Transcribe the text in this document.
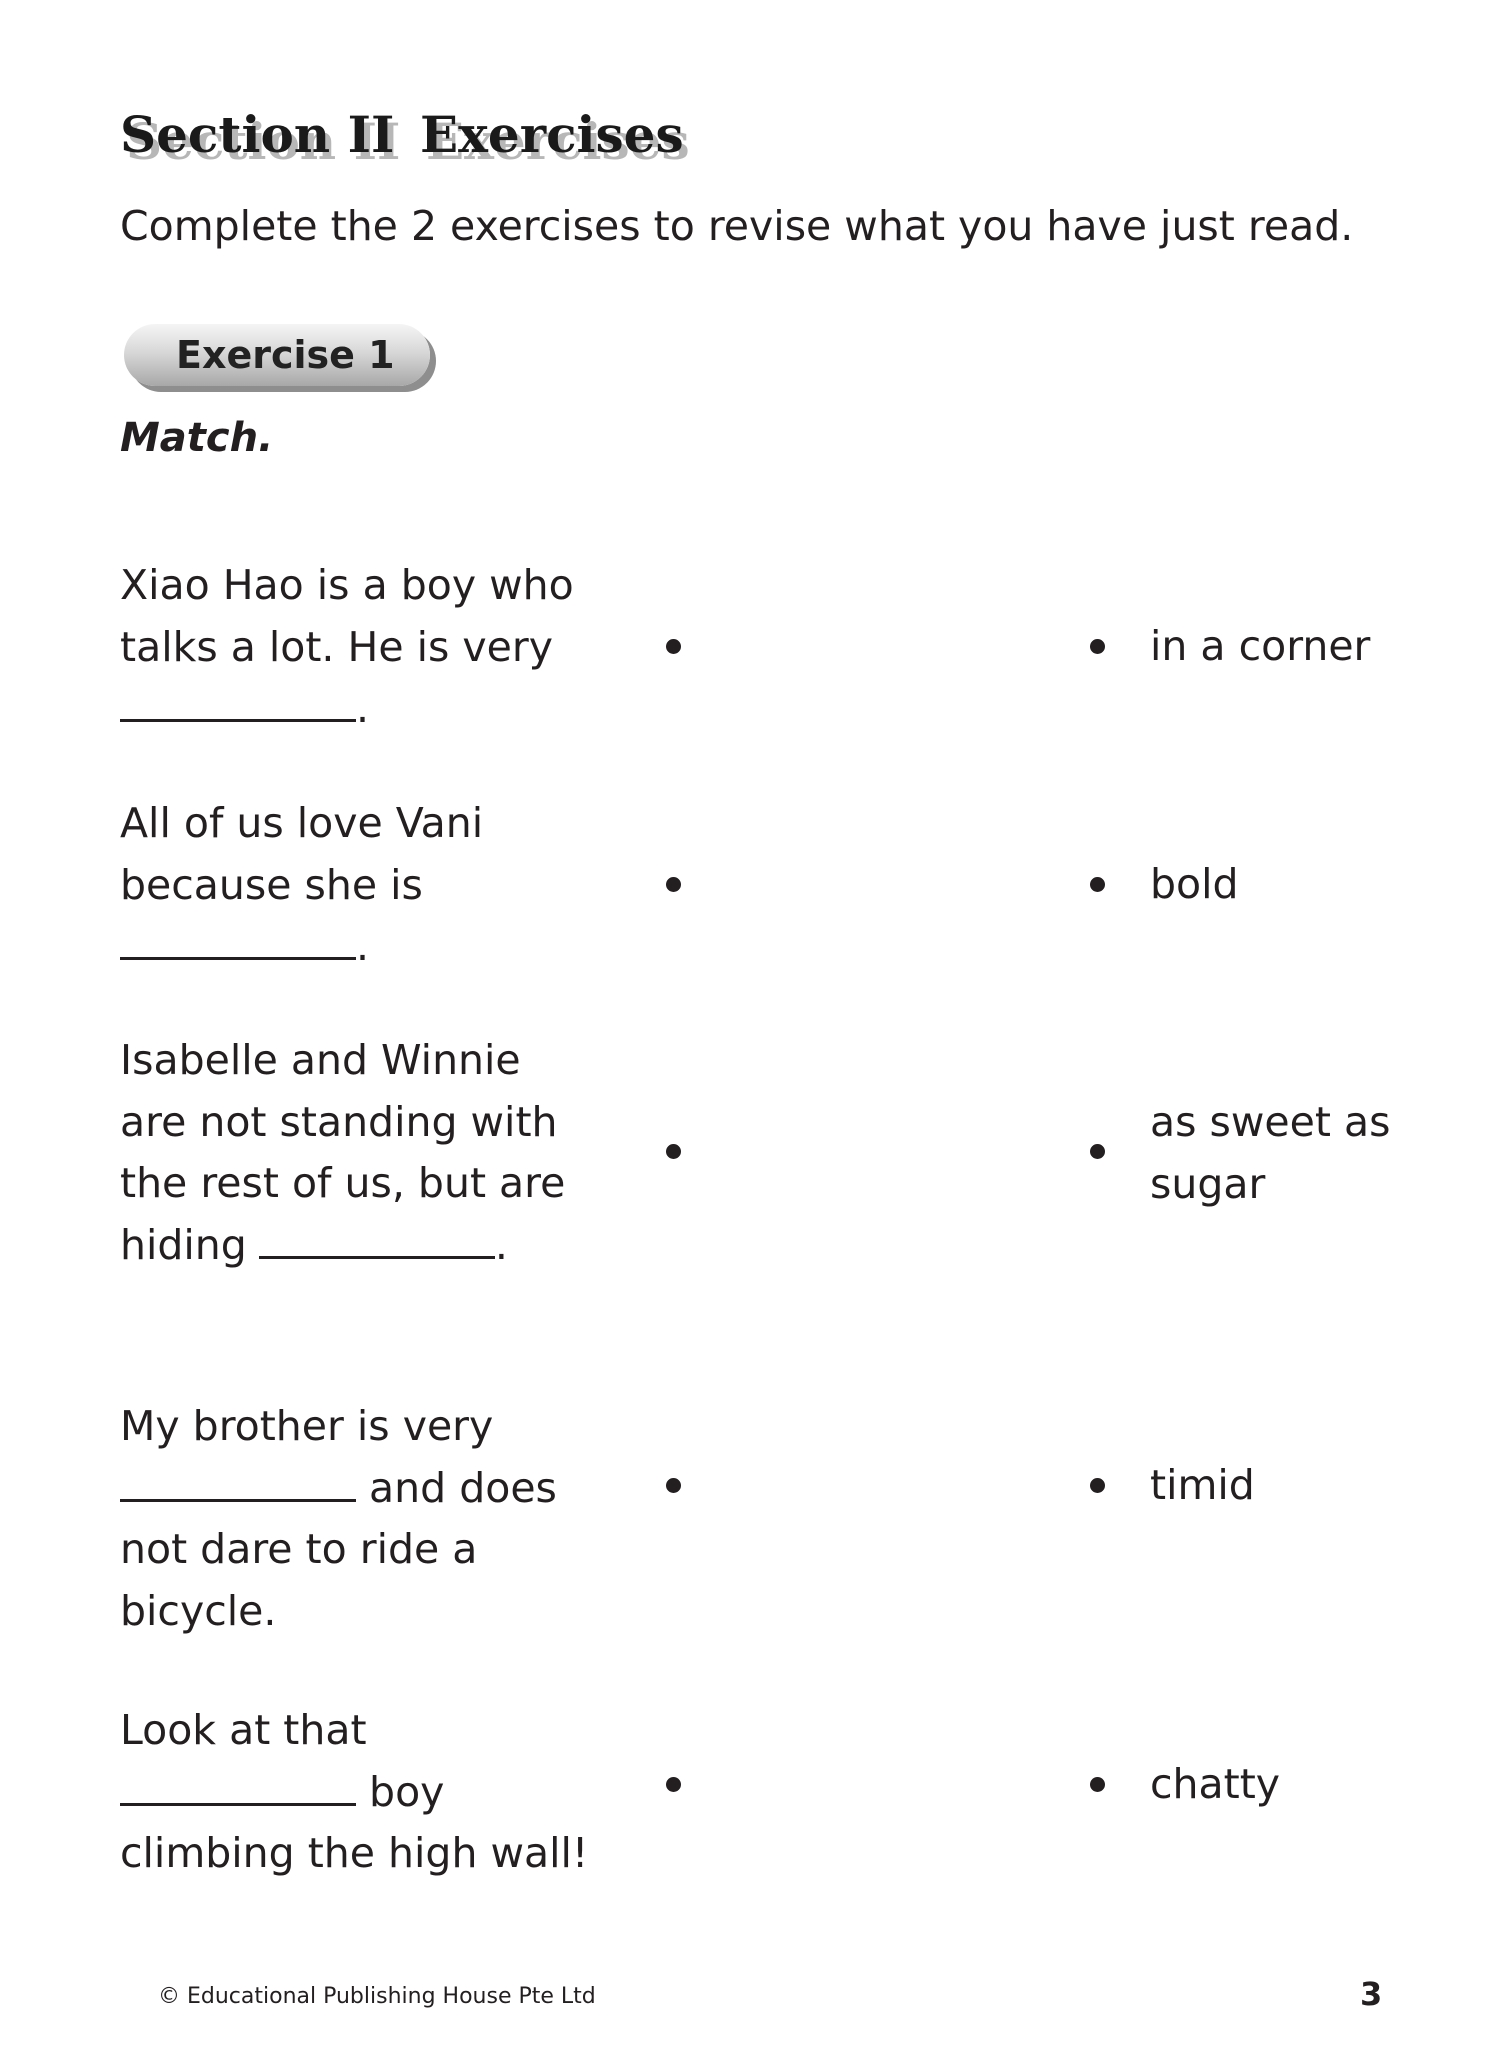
Section II Exercises
Complete the 2 exercises to revise what you have just read.
Exercise 1
Match.
Xiao Hao is a boy who
talks a lot. He is very
.
All of us love Vani
because she is
.
Isabelle and Winnie
are not standing with
the rest of us, but are
hiding	.
My brother is very
and does
not dare to ride a
bicycle.
Look at that
boy
climbing the high wall!
in a corner
bold
as sweet as
sugar
timid
chatty
© Educational Publishing House Pte Ltd	3
